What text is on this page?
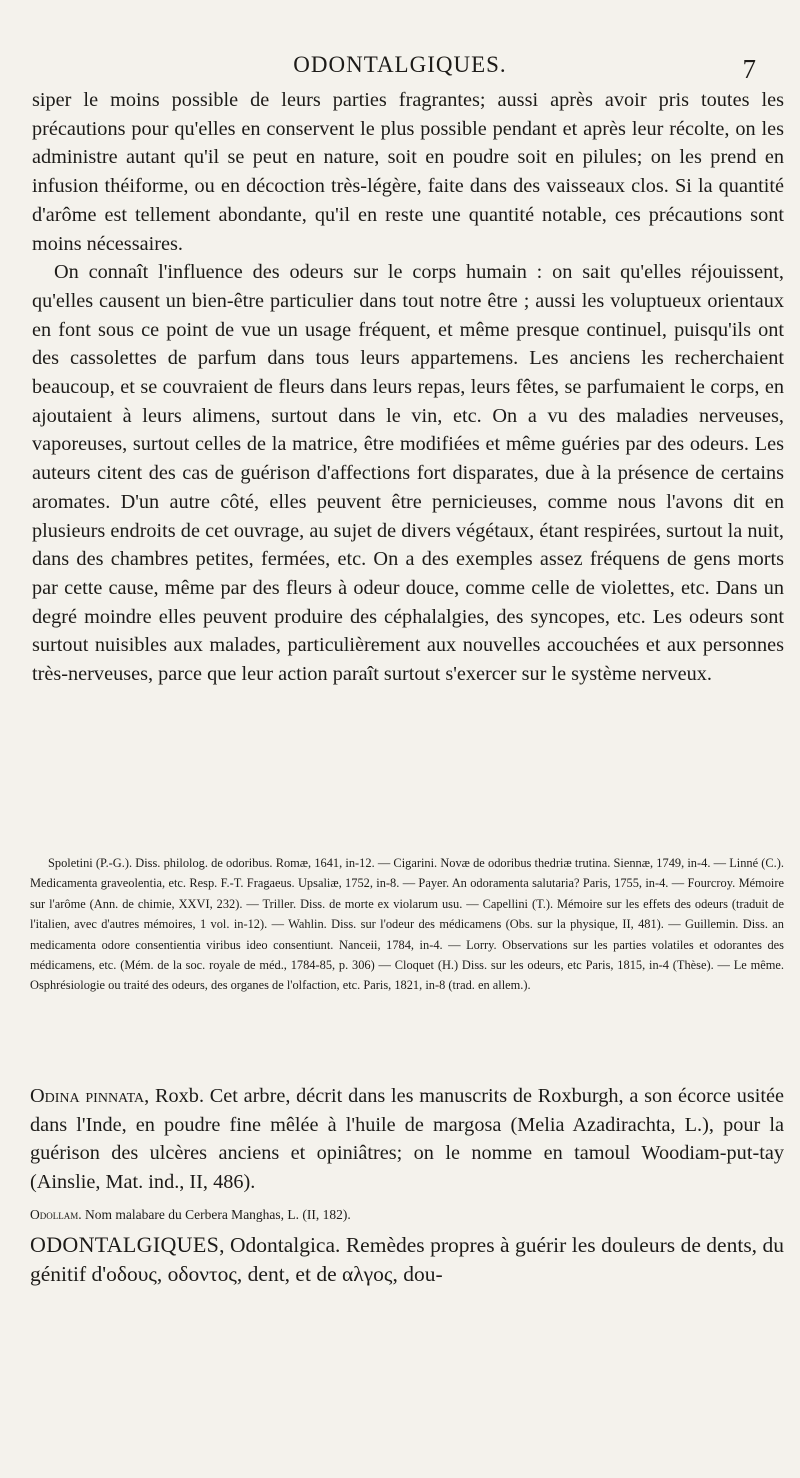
ODONTALGIQUES.	7

siper le moins possible de leurs parties fragrantes; aussi après avoir pris toutes les précautions pour qu'elles en conservent le plus possible pendant et après leur récolte, on les administre autant qu'il se peut en nature, soit en poudre soit en pilules; on les prend en infusion théiforme, ou en décoction très-légère, faite dans des vaisseaux clos. Si la quantité d'arôme est tellement abondante, qu'il en reste une quantité notable, ces précautions sont moins nécessaires.

On connaît l'influence des odeurs sur le corps humain : on sait qu'elles réjouissent, qu'elles causent un bien-être particulier dans tout notre être ; aussi les voluptueux orientaux en font sous ce point de vue un usage fréquent, et même presque continuel, puisqu'ils ont des cassolettes de parfum dans tous leurs appartemens. Les anciens les recherchaient beaucoup, et se couvraient de fleurs dans leurs repas, leurs fêtes, se parfumaient le corps, en ajoutaient à leurs alimens, surtout dans le vin, etc. On a vu des maladies nerveuses, vaporeuses, surtout celles de la matrice, être modifiées et même guéries par des odeurs. Les auteurs citent des cas de guérison d'affections fort disparates, due à la présence de certains aromates. D'un autre côté, elles peuvent être pernicieuses, comme nous l'avons dit en plusieurs endroits de cet ouvrage, au sujet de divers végétaux, étant respirées, surtout la nuit, dans des chambres petites, fermées, etc. On a des exemples assez fréquens de gens morts par cette cause, même par des fleurs à odeur douce, comme celle de violettes, etc. Dans un degré moindre elles peuvent produire des céphalalgies, des syncopes, etc. Les odeurs sont surtout nuisibles aux malades, particulièrement aux nouvelles accouchées et aux personnes très-nerveuses, parce que leur action paraît surtout s'exercer sur le système nerveux.

Spoletini (P.-G.). Diss. philolog. de odoribus. Romæ, 1641, in-12. — Cigarini. Novæ de odoribus thedriæ trutina. Siennæ, 1749, in-4. — Linné (C.). Medicamenta graveolentia, etc. Resp. F.-T. Fragaeus. Upsaliæ, 1752, in-8. — Payer. An odoramenta salutaria? Paris, 1755, in-4. — Fourcroy. Mémoire sur l'arôme (Ann. de chimie, XXVI, 232). — Triller. Diss. de morte ex violarum usu. — Capellini (T.). Mémoire sur les effets des odeurs (traduit de l'italien, avec d'autres mémoires, 1 vol. in-12). — Wahlin. Diss. sur l'odeur des médicamens (Obs. sur la physique, II, 481). — Guillemin. Diss. an medicamenta odore consentientia viribus ideo consentiunt. Nanceii, 1784, in-4. — Lorry. Observations sur les parties volatiles et odorantes des médicamens, etc. (Mém. de la soc. royale de méd., 1784-85, p. 306) — Cloquet (H.) Diss. sur les odeurs, etc Paris, 1815, in-4 (Thèse). — Le même. Osphrésiologie ou traité des odeurs, des organes de l'olfaction, etc. Paris, 1821, in-8 (trad. en allem.).

Odina pinnata, Roxb. Cet arbre, décrit dans les manuscrits de Roxburgh, a son écorce usitée dans l'Inde, en poudre fine mêlée à l'huile de margosa (Melia Azadirachta, L.), pour la guérison des ulcères anciens et opiniâtres; on le nomme en tamoul Woodiam-put-tay (Ainslie, Mat. ind., II, 486).

Odollam. Nom malabare du Cerbera Manghas, L. (II, 182).

ODONTALGIQUES, Odontalgica. Remèdes propres à guérir les douleurs de dents, du génitif d'οδους, οδοντος, dent, et de αλγος, dou-
